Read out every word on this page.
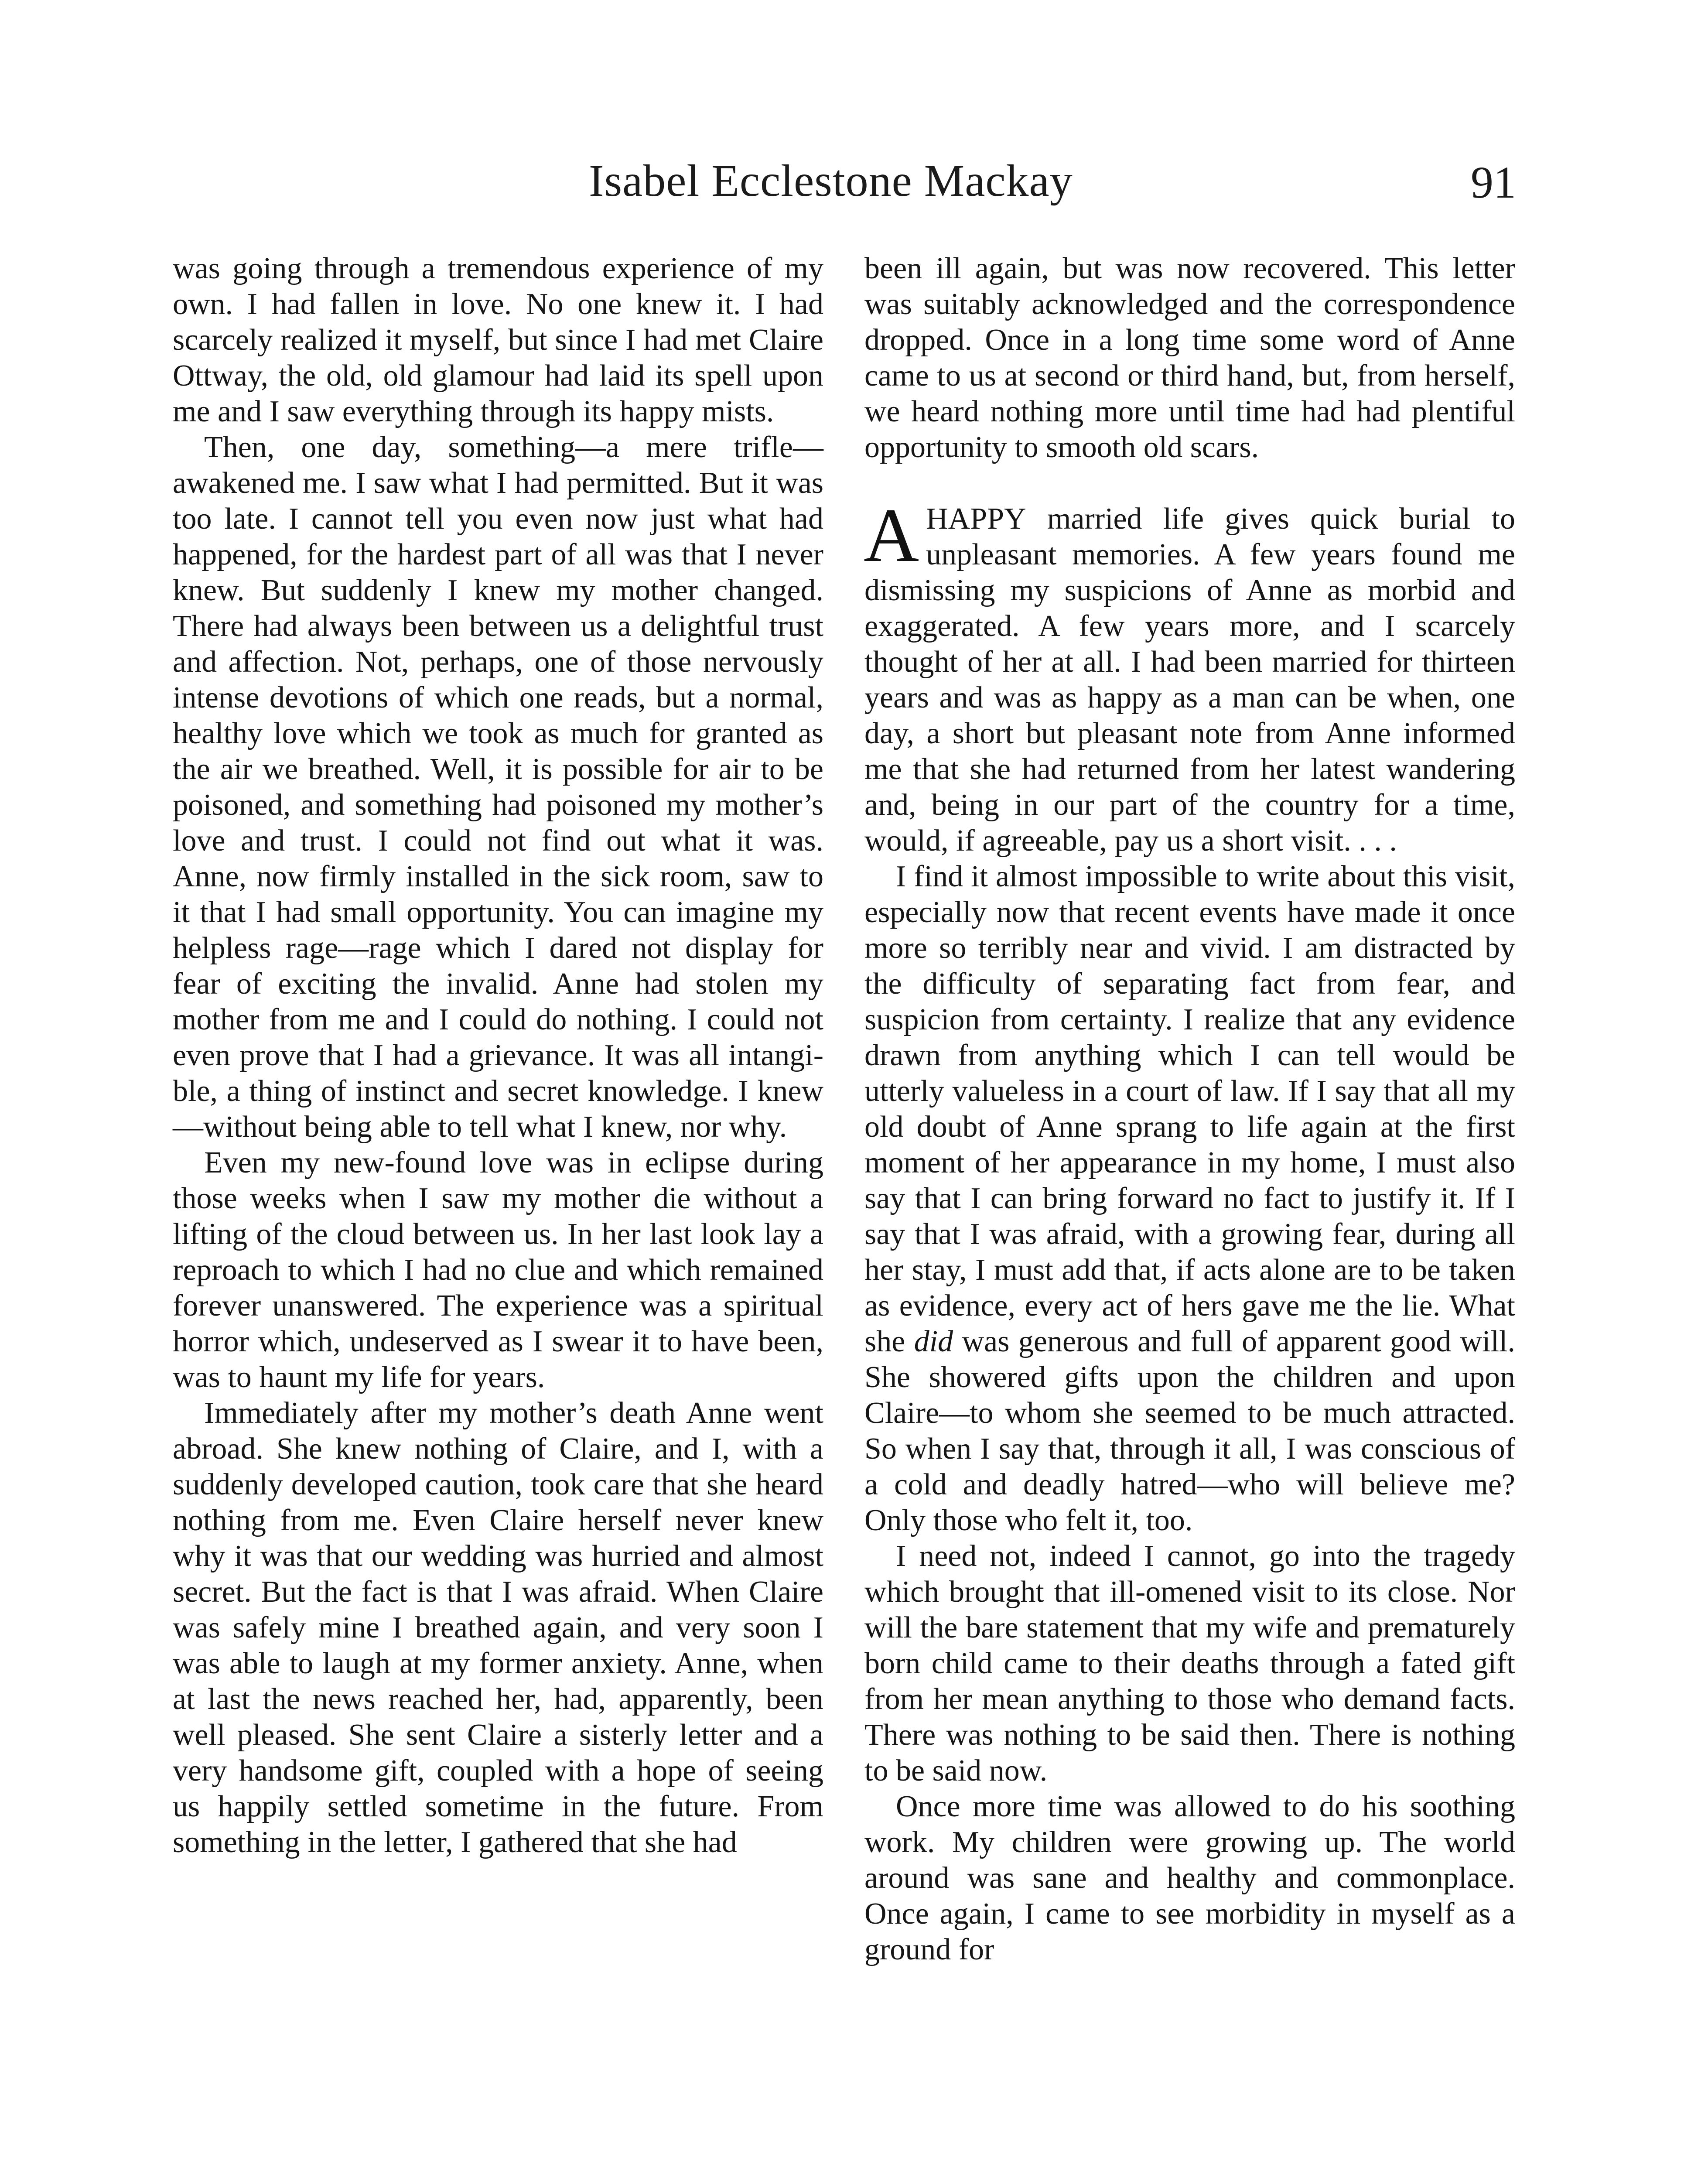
Isabel Ecclestone Mackay	91

was going through a tremendous experience of my own. I had fallen in love. No one knew it. I had scarcely realized it myself, but since I had met Claire Ottway, the old, old glamour had laid its spell upon me and I saw everything through its happy mists.

Then, one day, something—a mere trifle—awakened me. I saw what I had permitted. But it was too late. I cannot tell you even now just what had happened, for the hardest part of all was that I never knew. But suddenly I knew my mother changed. There had always been between us a delightful trust and affection. Not, perhaps, one of those nervously intense devotions of which one reads, but a normal, healthy love which we took as much for granted as the air we breathed. Well, it is possible for air to be poisoned, and something had poisoned my mother’s love and trust. I could not find out what it was. Anne, now firmly installed in the sick room, saw to it that I had small opportunity. You can imagine my helpless rage—rage which I dared not display for fear of exciting the invalid. Anne had stolen my mother from me and I could do nothing. I could not even prove that I had a grievance. It was all intangible, a thing of instinct and secret knowledge. I knew—without being able to tell what I knew, nor why.

Even my new-found love was in eclipse during those weeks when I saw my mother die without a lifting of the cloud between us. In her last look lay a reproach to which I had no clue and which remained forever unanswered. The experience was a spiritual horror which, undeserved as I swear it to have been, was to haunt my life for years.

Immediately after my mother’s death Anne went abroad. She knew nothing of Claire, and I, with a suddenly developed caution, took care that she heard nothing from me. Even Claire herself never knew why it was that our wedding was hurried and almost secret. But the fact is that I was afraid. When Claire was safely mine I breathed again, and very soon I was able to laugh at my former anxiety. Anne, when at last the news reached her, had, apparently, been well pleased. She sent Claire a sisterly letter and a very handsome gift, coupled with a hope of seeing us happily settled sometime in the future. From something in the letter, I gathered that she had

been ill again, but was now recovered. This letter was suitably acknowledged and the correspondence dropped. Once in a long time some word of Anne came to us at second or third hand, but, from herself, we heard nothing more until time had had plentiful opportunity to smooth old scars.

AHAPPY married life gives quick burial to unpleasant memories. A few years found me dismissing my suspicions of Anne as morbid and exaggerated. A few years more, and I scarcely thought of her at all. I had been married for thirteen years and was as happy as a man can be when, one day, a short but pleasant note from Anne informed me that she had returned from her latest wandering and, being in our part of the country for a time, would, if agreeable, pay us a short visit. . . .

I find it almost impossible to write about this visit, especially now that recent events have made it once more so terribly near and vivid. I am distracted by the difficulty of separating fact from fear, and suspicion from certainty. I realize that any evidence drawn from anything which I can tell would be utterly valueless in a court of law. If I say that all my old doubt of Anne sprang to life again at the first moment of her appearance in my home, I must also say that I can bring forward no fact to justify it. If I say that I was afraid, with a growing fear, during all her stay, I must add that, if acts alone are to be taken as evidence, every act of hers gave me the lie. What she did was generous and full of apparent good will. She showered gifts upon the children and upon Claire—to whom she seemed to be much attracted. So when I say that, through it all, I was conscious of a cold and deadly hatred—who will believe me? Only those who felt it, too.

I need not, indeed I cannot, go into the tragedy which brought that ill-omened visit to its close. Nor will the bare statement that my wife and prematurely born child came to their deaths through a fated gift from her mean anything to those who demand facts. There was nothing to be said then. There is nothing to be said now.

Once more time was allowed to do his soothing work. My children were growing up. The world around was sane and healthy and commonplace. Once again, I came to see morbidity in myself as a ground for
